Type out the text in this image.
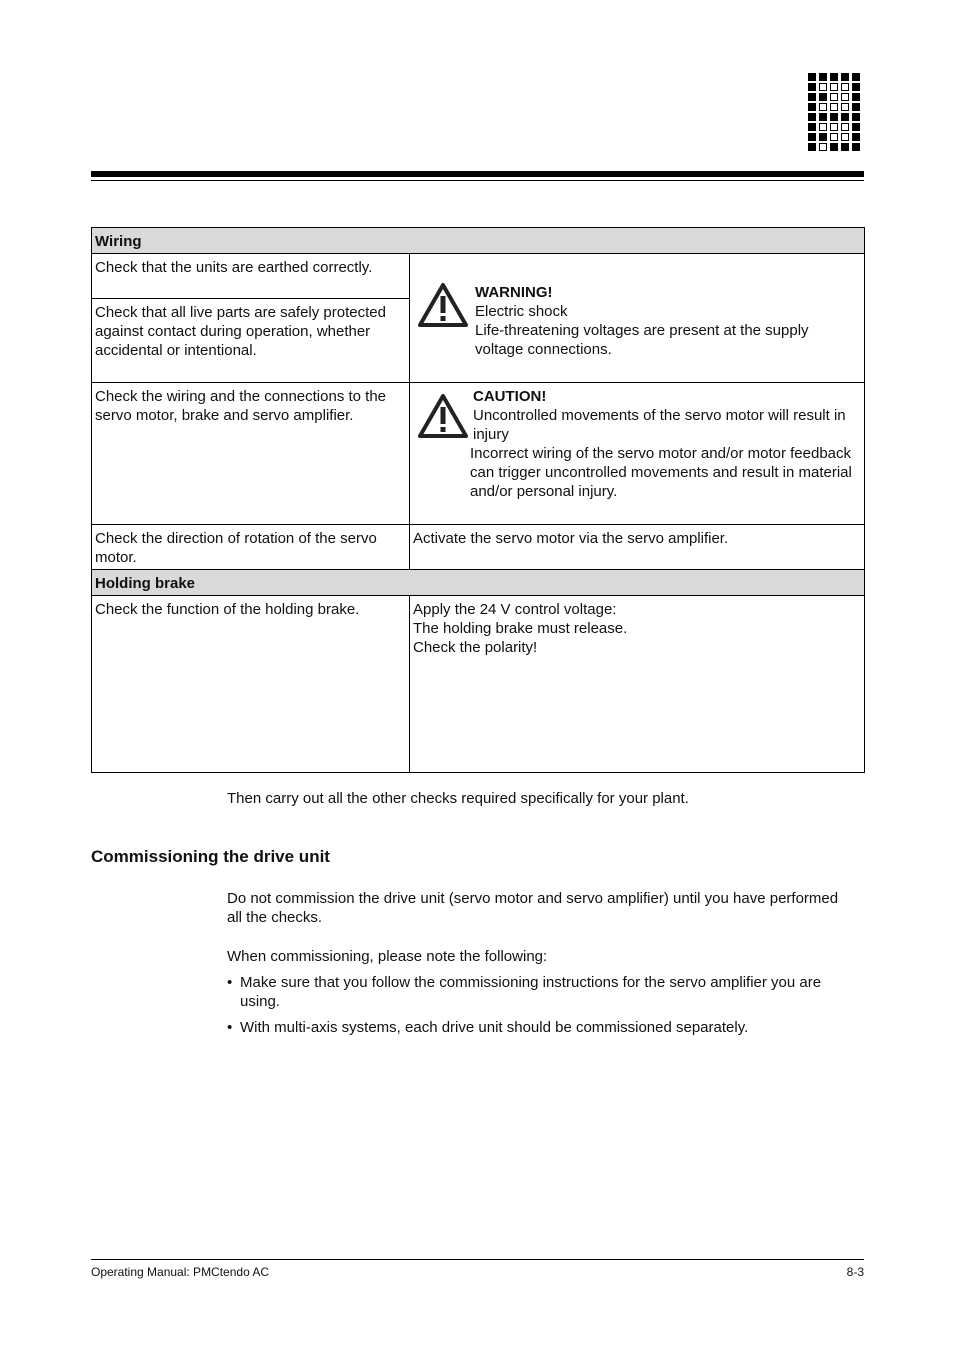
Wiring	
Check that the units are earthed correctly.	WARNING!
Electric shock
Life-threatening voltages are present at the supply voltage connections.

Check that all live parts are safely protected against contact during operation, whether accidental or intentional.	
Check the wiring and the connections to the servo motor, brake and servo amplifier.	CAUTION!
Uncontrolled movements of the servo motor will result in injury
Incorrect wiring of the servo motor and/or motor feedback can trigger uncontrolled movements and result in material and/or personal injury.

Check the direction of rotation of the servo motor.	Activate the servo motor via the servo amplifier.
Holding brake	
Check the function of the holding brake.	Apply the 24 V control voltage:
The holding brake must release.
Check the polarity!
Then carry out all the other checks required specifically for your plant.
Commissioning the drive unit
Do not commission the drive unit (servo motor and servo amplifier) until you have performed all the checks.
When commissioning, please note the following:
• Make sure that you follow the commissioning instructions for the servo amplifier you are using.
• With multi-axis systems, each drive unit should be commissioned separately.
Operating Manual: PMCtendo AC	8-3
